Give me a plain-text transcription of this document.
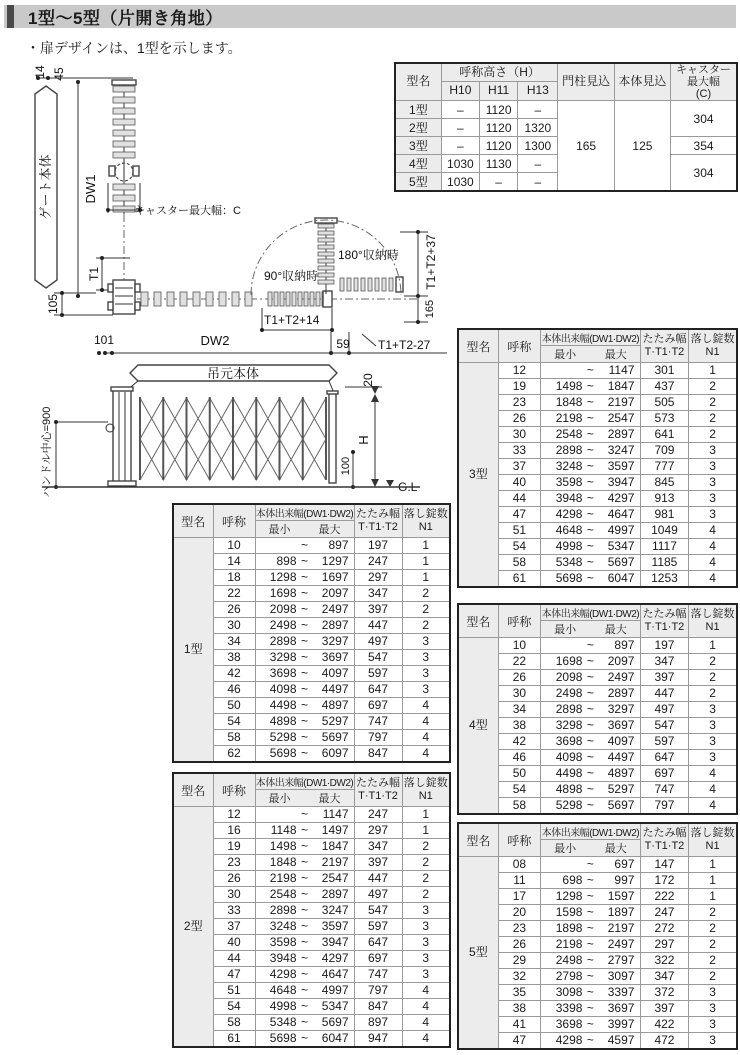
1型～5型（片開き角地）
・扉デザインは、1型を示します。
14 45
ゲート本体 DW1
キャスター最大幅：C
T1
105
90°収納時
180°収納時 T1+T2+37
165
T1+T2+14
101	DW2	59 T1+T2-27
吊元本体
ハンドル中心=900
20
H
100
G.L
型名	呼称高さ（H）			門柱見込	本体見込	キャスター
最大幅
(C)

	H10	H11	H13			
1型	–	1120	–	165	125	304
2型	–	1120	1320			
3型	–	1120	1300			354
4型	1030	1130	–			304
5型	1030	–	–			
型名	呼称	本体出来幅(DW1·DW2)	たたみ幅
T·T1·T2

落し錠数
N1

		最小 最大		

1型	10	~ 897	197	1
	14	898 ~ 1297	247	1
	18	1298 ~ 1697	297	1
	22	1698 ~ 2097	347	2
	26	2098 ~ 2497	397	2
	30	2498 ~ 2897	447	2
	34	2898 ~ 3297	497	3
	38	3298 ~ 3697	547	3
	42	3698 ~ 4097	597	3
	46	4098 ~ 4497	647	3
	50	4498 ~ 4897	697	4
	54	4898 ~ 5297	747	4
	58	5298 ~ 5697	797	4
	62	5698 ~ 6097	847	4
型名	呼称	本体出来幅(DW1·DW2)	たたみ幅
T·T1·T2

落し錠数
N1

		最小 最大		

2型	12	~ 1147	247	1
	16	1148 ~ 1497	297	1
	19	1498 ~ 1847	347	2
	23	1848 ~ 2197	397	2
	26	2198 ~ 2547	447	2
	30	2548 ~ 2897	497	2
	33	2898 ~ 3247	547	3
	37	3248 ~ 3597	597	3
	40	3598 ~ 3947	647	3
	44	3948 ~ 4297	697	3
	47	4298 ~ 4647	747	3
	51	4648 ~ 4997	797	4
	54	4998 ~ 5347	847	4
	58	5348 ~ 5697	897	4
	61	5698 ~ 6047	947	4
型名	呼称	本体出来幅(DW1·DW2)	たたみ幅
T·T1·T2

落し錠数
N1

		最小 最大		

3型	12	~ 1147	301	1
	19	1498 ~ 1847	437	2
	23	1848 ~ 2197	505	2
	26	2198 ~ 2547	573	2
	30	2548 ~ 2897	641	2
	33	2898 ~ 3247	709	3
	37	3248 ~ 3597	777	3
	40	3598 ~ 3947	845	3
	44	3948 ~ 4297	913	3
	47	4298 ~ 4647	981	3
	51	4648 ~ 4997	1049	4
	54	4998 ~ 5347	1117	4
	58	5348 ~ 5697	1185	4
	61	5698 ~ 6047	1253	4
型名	呼称	本体出来幅(DW1·DW2)	たたみ幅
T·T1·T2

落し錠数
N1

		最小 最大		

4型	10	~ 897	197	1
	22	1698 ~ 2097	347	2
	26	2098 ~ 2497	397	2
	30	2498 ~ 2897	447	2
	34	2898 ~ 3297	497	3
	38	3298 ~ 3697	547	3
	42	3698 ~ 4097	597	3
	46	4098 ~ 4497	647	3
	50	4498 ~ 4897	697	4
	54	4898 ~ 5297	747	4
	58	5298 ~ 5697	797	4
型名	呼称	本体出来幅(DW1·DW2)	たたみ幅
T·T1·T2

落し錠数
N1

		最小 最大		

5型	08	~ 697	147	1
	11	698 ~ 997	172	1
	17	1298 ~ 1597	222	1
	20	1598 ~ 1897	247	2
	23	1898 ~ 2197	272	2
	26	2198 ~ 2497	297	2
	29	2498 ~ 2797	322	2
	32	2798 ~ 3097	347	2
	35	3098 ~ 3397	372	3
	38	3398 ~ 3697	397	3
	41	3698 ~ 3997	422	3
	47	4298 ~ 4597	472	3
